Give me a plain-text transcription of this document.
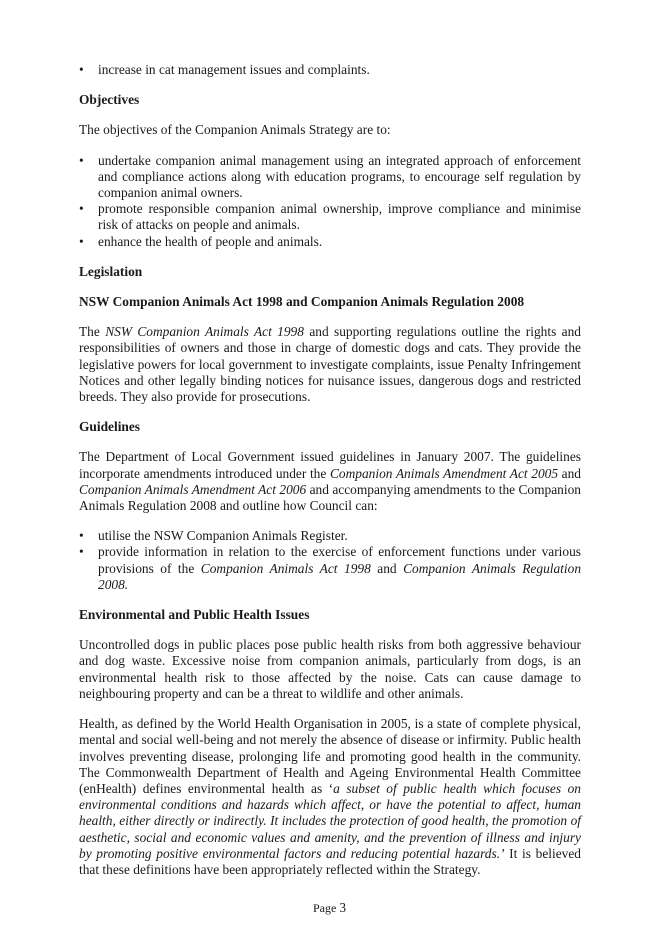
• increase in cat management issues and complaints.
Objectives

The objectives of the Companion Animals Strategy are to:

• undertake companion animal management using an integrated approach of enforcement and compliance actions along with education programs, to encourage self regulation by companion animal owners.
• promote responsible companion animal ownership, improve compliance and minimise risk of attacks on people and animals.
• enhance the health of people and animals.
Legislation
NSW Companion Animals Act 1998 and Companion Animals Regulation 2008

The NSW Companion Animals Act 1998 and supporting regulations outline the rights and responsibilities of owners and those in charge of domestic dogs and cats. They provide the legislative powers for local government to investigate complaints, issue Penalty Infringement Notices and other legally binding notices for nuisance issues, dangerous dogs and restricted breeds. They also provide for prosecutions.

Guidelines

The Department of Local Government issued guidelines in January 2007. The guidelines incorporate amendments introduced under the Companion Animals Amendment Act 2005 and Companion Animals Amendment Act 2006 and accompanying amendments to the Companion Animals Regulation 2008 and outline how Council can:

• utilise the NSW Companion Animals Register.
• provide information in relation to the exercise of enforcement functions under various provisions of the Companion Animals Act 1998 and Companion Animals Regulation 2008.
Environmental and Public Health Issues

Uncontrolled dogs in public places pose public health risks from both aggressive behaviour and dog waste. Excessive noise from companion animals, particularly from dogs, is an environmental health risk to those affected by the noise. Cats can cause damage to neighbouring property and can be a threat to wildlife and other animals.

Health, as defined by the World Health Organisation in 2005, is a state of complete physical, mental and social well-being and not merely the absence of disease or infirmity. Public health involves preventing disease, prolonging life and promoting good health in the community. The Commonwealth Department of Health and Ageing Environmental Health Committee (enHealth) defines environmental health as ‘a subset of public health which focuses on environmental conditions and hazards which affect, or have the potential to affect, human health, either directly or indirectly. It includes the protection of good health, the promotion of aesthetic, social and economic values and amenity, and the prevention of illness and injury by promoting positive environmental factors and reducing potential hazards.’ It is believed that these definitions have been appropriately reflected within the Strategy.

Page 3
